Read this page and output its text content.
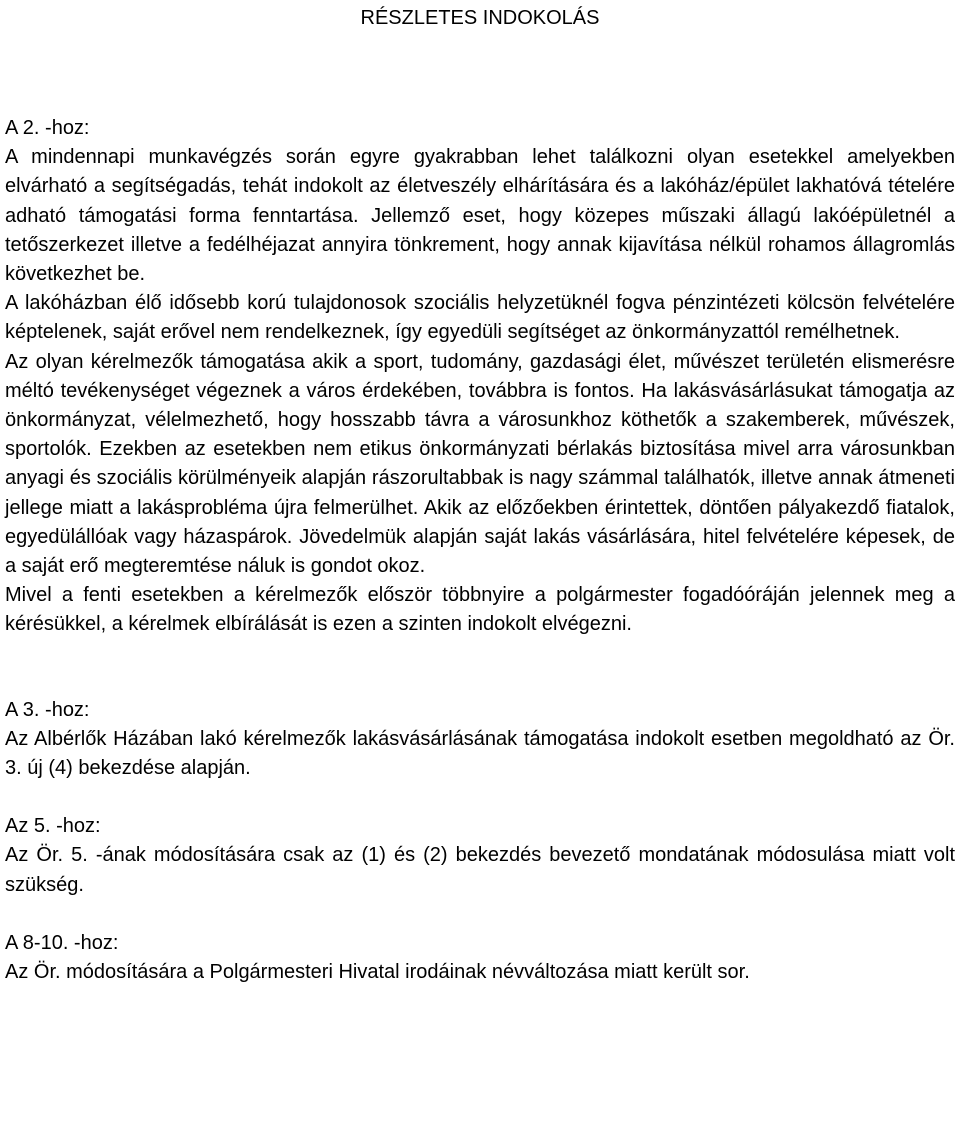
RÉSZLETES INDOKOLÁS

A 2. -hoz:

A mindennapi munkavégzés során egyre gyakrabban lehet találkozni olyan esetekkel amelyekben elvárható a segítségadás, tehát indokolt az életveszély elhárítására és a lakóház/épület lakhatóvá tételére adható támogatási forma fenntartása. Jellemző eset, hogy közepes műszaki állagú lakóépületnél a tetőszerkezet illetve a fedélhéjazat annyira tönkrement, hogy annak kijavítása nélkül rohamos állagromlás következhet be.

A lakóházban élő idősebb korú tulajdonosok szociális helyzetüknél fogva pénzintézeti kölcsön felvételére képtelenek, saját erővel nem rendelkeznek, így egyedüli segítséget az önkormányzattól remélhetnek.

Az olyan kérelmezők támogatása akik a sport, tudomány, gazdasági élet, művészet területén elismerésre méltó tevékenységet végeznek a város érdekében, továbbra is fontos. Ha lakásvásárlásukat támogatja az önkormányzat, vélelmezhető, hogy hosszabb távra a városunkhoz köthetők a szakemberek, művészek, sportolók. Ezekben az esetekben nem etikus önkormányzati bérlakás biztosítása mivel arra városunkban anyagi és szociális körülményeik alapján rászorultabbak is nagy számmal találhatók, illetve annak átmeneti jellege miatt a lakásprobléma újra felmerülhet. Akik az előzőekben érintettek, döntően pályakezdő fiatalok, egyedülállóak vagy házaspárok. Jövedelmük alapján saját lakás vásárlására, hitel felvételére képesek, de a saját erő megteremtése náluk is gondot okoz.

Mivel a fenti esetekben a kérelmezők először többnyire a polgármester fogadóóráján jelennek meg a kérésükkel, a kérelmek elbírálását is ezen a szinten indokolt elvégezni.

A 3. -hoz:

Az Albérlők Házában lakó kérelmezők lakásvásárlásának támogatása indokolt esetben megoldható az Ör. 3. új (4) bekezdése alapján.

Az 5. -hoz:

Az Ör. 5. -ának módosítására csak az (1) és (2) bekezdés bevezető mondatának módosulása miatt volt szükség.

A 8-10. -hoz:

Az Ör. módosítására a Polgármesteri Hivatal irodáinak névváltozása miatt került sor.
